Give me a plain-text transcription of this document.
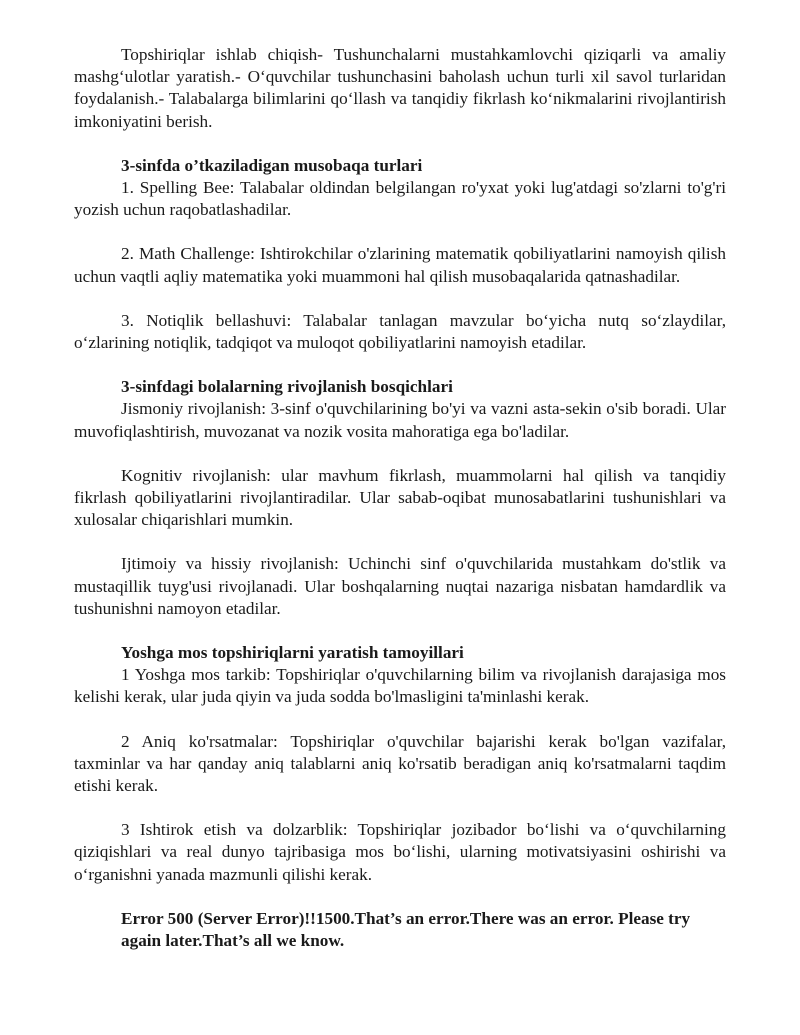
Topshiriqlar ishlab chiqish- Tushunchalarni mustahkamlovchi qiziqarli va amaliy mashg‘ulotlar yaratish.- O‘quvchilar tushunchasini baholash uchun turli xil savol turlaridan foydalanish.- Talabalarga bilimlarini qo‘llash va tanqidiy fikrlash ko‘nikmalarini rivojlantirish imkoniyatini berish.

3-sinfda o’tkaziladigan musobaqa turlari

1. Spelling Bee: Talabalar oldindan belgilangan ro'yxat yoki lug'atdagi so'zlarni to'g'ri yozish uchun raqobatlashadilar.

2. Math Challenge: Ishtirokchilar o'zlarining matematik qobiliyatlarini namoyish qilish uchun vaqtli aqliy matematika yoki muammoni hal qilish musobaqalarida qatnashadilar.

3. Notiqlik bellashuvi: Talabalar tanlagan mavzular bo‘yicha nutq so‘zlaydilar, o‘zlarining notiqlik, tadqiqot va muloqot qobiliyatlarini namoyish etadilar.

3-sinfdagi bolalarning rivojlanish bosqichlari

Jismoniy rivojlanish: 3-sinf o'quvchilarining bo'yi va vazni asta-sekin o'sib boradi. Ular muvofiqlashtirish, muvozanat va nozik vosita mahoratiga ega bo'ladilar.

Kognitiv rivojlanish: ular mavhum fikrlash, muammolarni hal qilish va tanqidiy fikrlash qobiliyatlarini rivojlantiradilar. Ular sabab-oqibat munosabatlarini tushunishlari va xulosalar chiqarishlari mumkin.

Ijtimoiy va hissiy rivojlanish: Uchinchi sinf o'quvchilarida mustahkam do'stlik va mustaqillik tuyg'usi rivojlanadi. Ular boshqalarning nuqtai nazariga nisbatan hamdardlik va tushunishni namoyon etadilar.

Yoshga mos topshiriqlarni yaratish tamoyillari

1 Yoshga mos tarkib: Topshiriqlar o'quvchilarning bilim va rivojlanish darajasiga mos kelishi kerak, ular juda qiyin va juda sodda bo'lmasligini ta'minlashi kerak.

2 Aniq ko'rsatmalar: Topshiriqlar o'quvchilar bajarishi kerak bo'lgan vazifalar, taxminlar va har qanday aniq talablarni aniq ko'rsatib beradigan aniq ko'rsatmalarni taqdim etishi kerak.

3 Ishtirok etish va dolzarblik: Topshiriqlar jozibador bo‘lishi va o‘quvchilarning qiziqishlari va real dunyo tajribasiga mos bo‘lishi, ularning motivatsiyasini oshirishi va o‘rganishni yanada mazmunli qilishi kerak.

Error 500 (Server Error)!!1500.That’s an error.There was an error. Please try again later.That’s all we know.
